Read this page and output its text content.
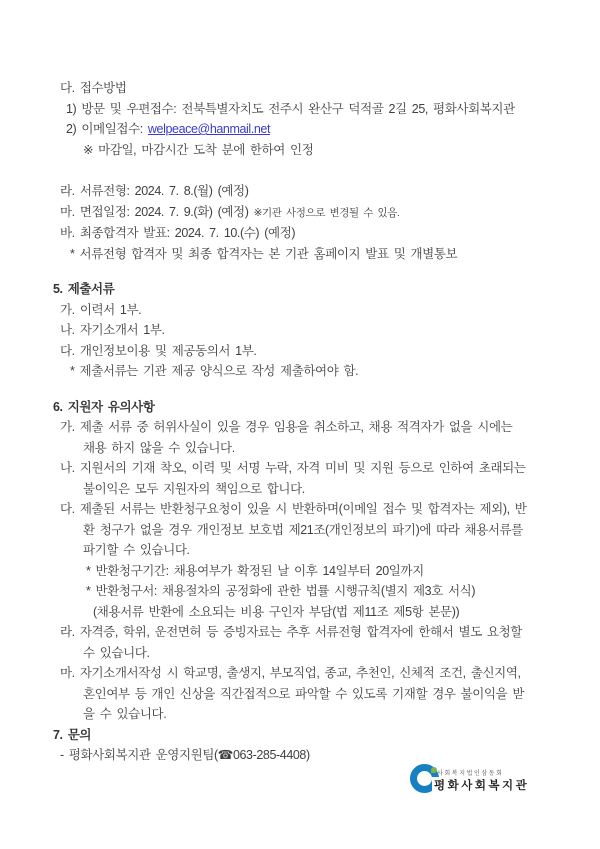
다. 접수방법
1) 방문 및 우편접수: 전북특별자치도 전주시 완산구 덕적골 2길 25, 평화사회복지관
2) 이메일접수: welpeace@hanmail.net
※ 마감일, 마감시간 도착 분에 한하여 인정
라. 서류전형: 2024. 7. 8.(월) (예정)
마. 면접일정: 2024. 7. 9.(화) (예정) ※기관 사정으로 변경될 수 있음.
바. 최종합격자 발표: 2024. 7. 10.(수) (예정)
* 서류전형 합격자 및 최종 합격자는 본 기관 홈페이지 발표 및 개별통보
5. 제출서류
가. 이력서 1부.
나. 자기소개서 1부.
다. 개인정보이용 및 제공동의서 1부.
* 제출서류는 기관 제공 양식으로 작성 제출하여야 함.
6. 지원자 유의사항
가. 제출 서류 중 허위사실이 있을 경우 임용을 취소하고, 채용 적격자가 없을 시에는
채용 하지 않을 수 있습니다.
나. 지원서의 기재 착오, 이력 및 서명 누락, 자격 미비 및 지원 등으로 인하여 초래되는
불이익은 모두 지원자의 책임으로 합니다.
다. 제출된 서류는 반환청구요청이 있을 시 반환하며(이메일 접수 및 합격자는 제외), 반
환 청구가 없을 경우 개인정보 보호법 제21조(개인정보의 파기)에 따라 채용서류를
파기할 수 있습니다.
* 반환청구기간: 채용여부가 확정된 날 이후 14일부터 20일까지
* 반환청구서: 채용절차의 공정화에 관한 법률 시행규칙(별지 제3호 서식)
(채용서류 반환에 소요되는 비용 구인자 부담(법 제11조 제5항 본문))
라. 자격증, 학위, 운전면허 등 증빙자료는 추후 서류전형 합격자에 한해서 별도 요청할
수 있습니다.
마. 자기소개서작성 시 학교명, 출생지, 부모직업, 종교, 추천인, 신체적 조건, 출신지역,
혼인여부 등 개인 신상을 직간접적으로 파악할 수 있도록 기재할 경우 불이익을 받
을 수 있습니다.
7. 문의
- 평화사회복지관 운영지원팀(☎063-285-4408)
사회복지법인삼동회
평화사회복지관
